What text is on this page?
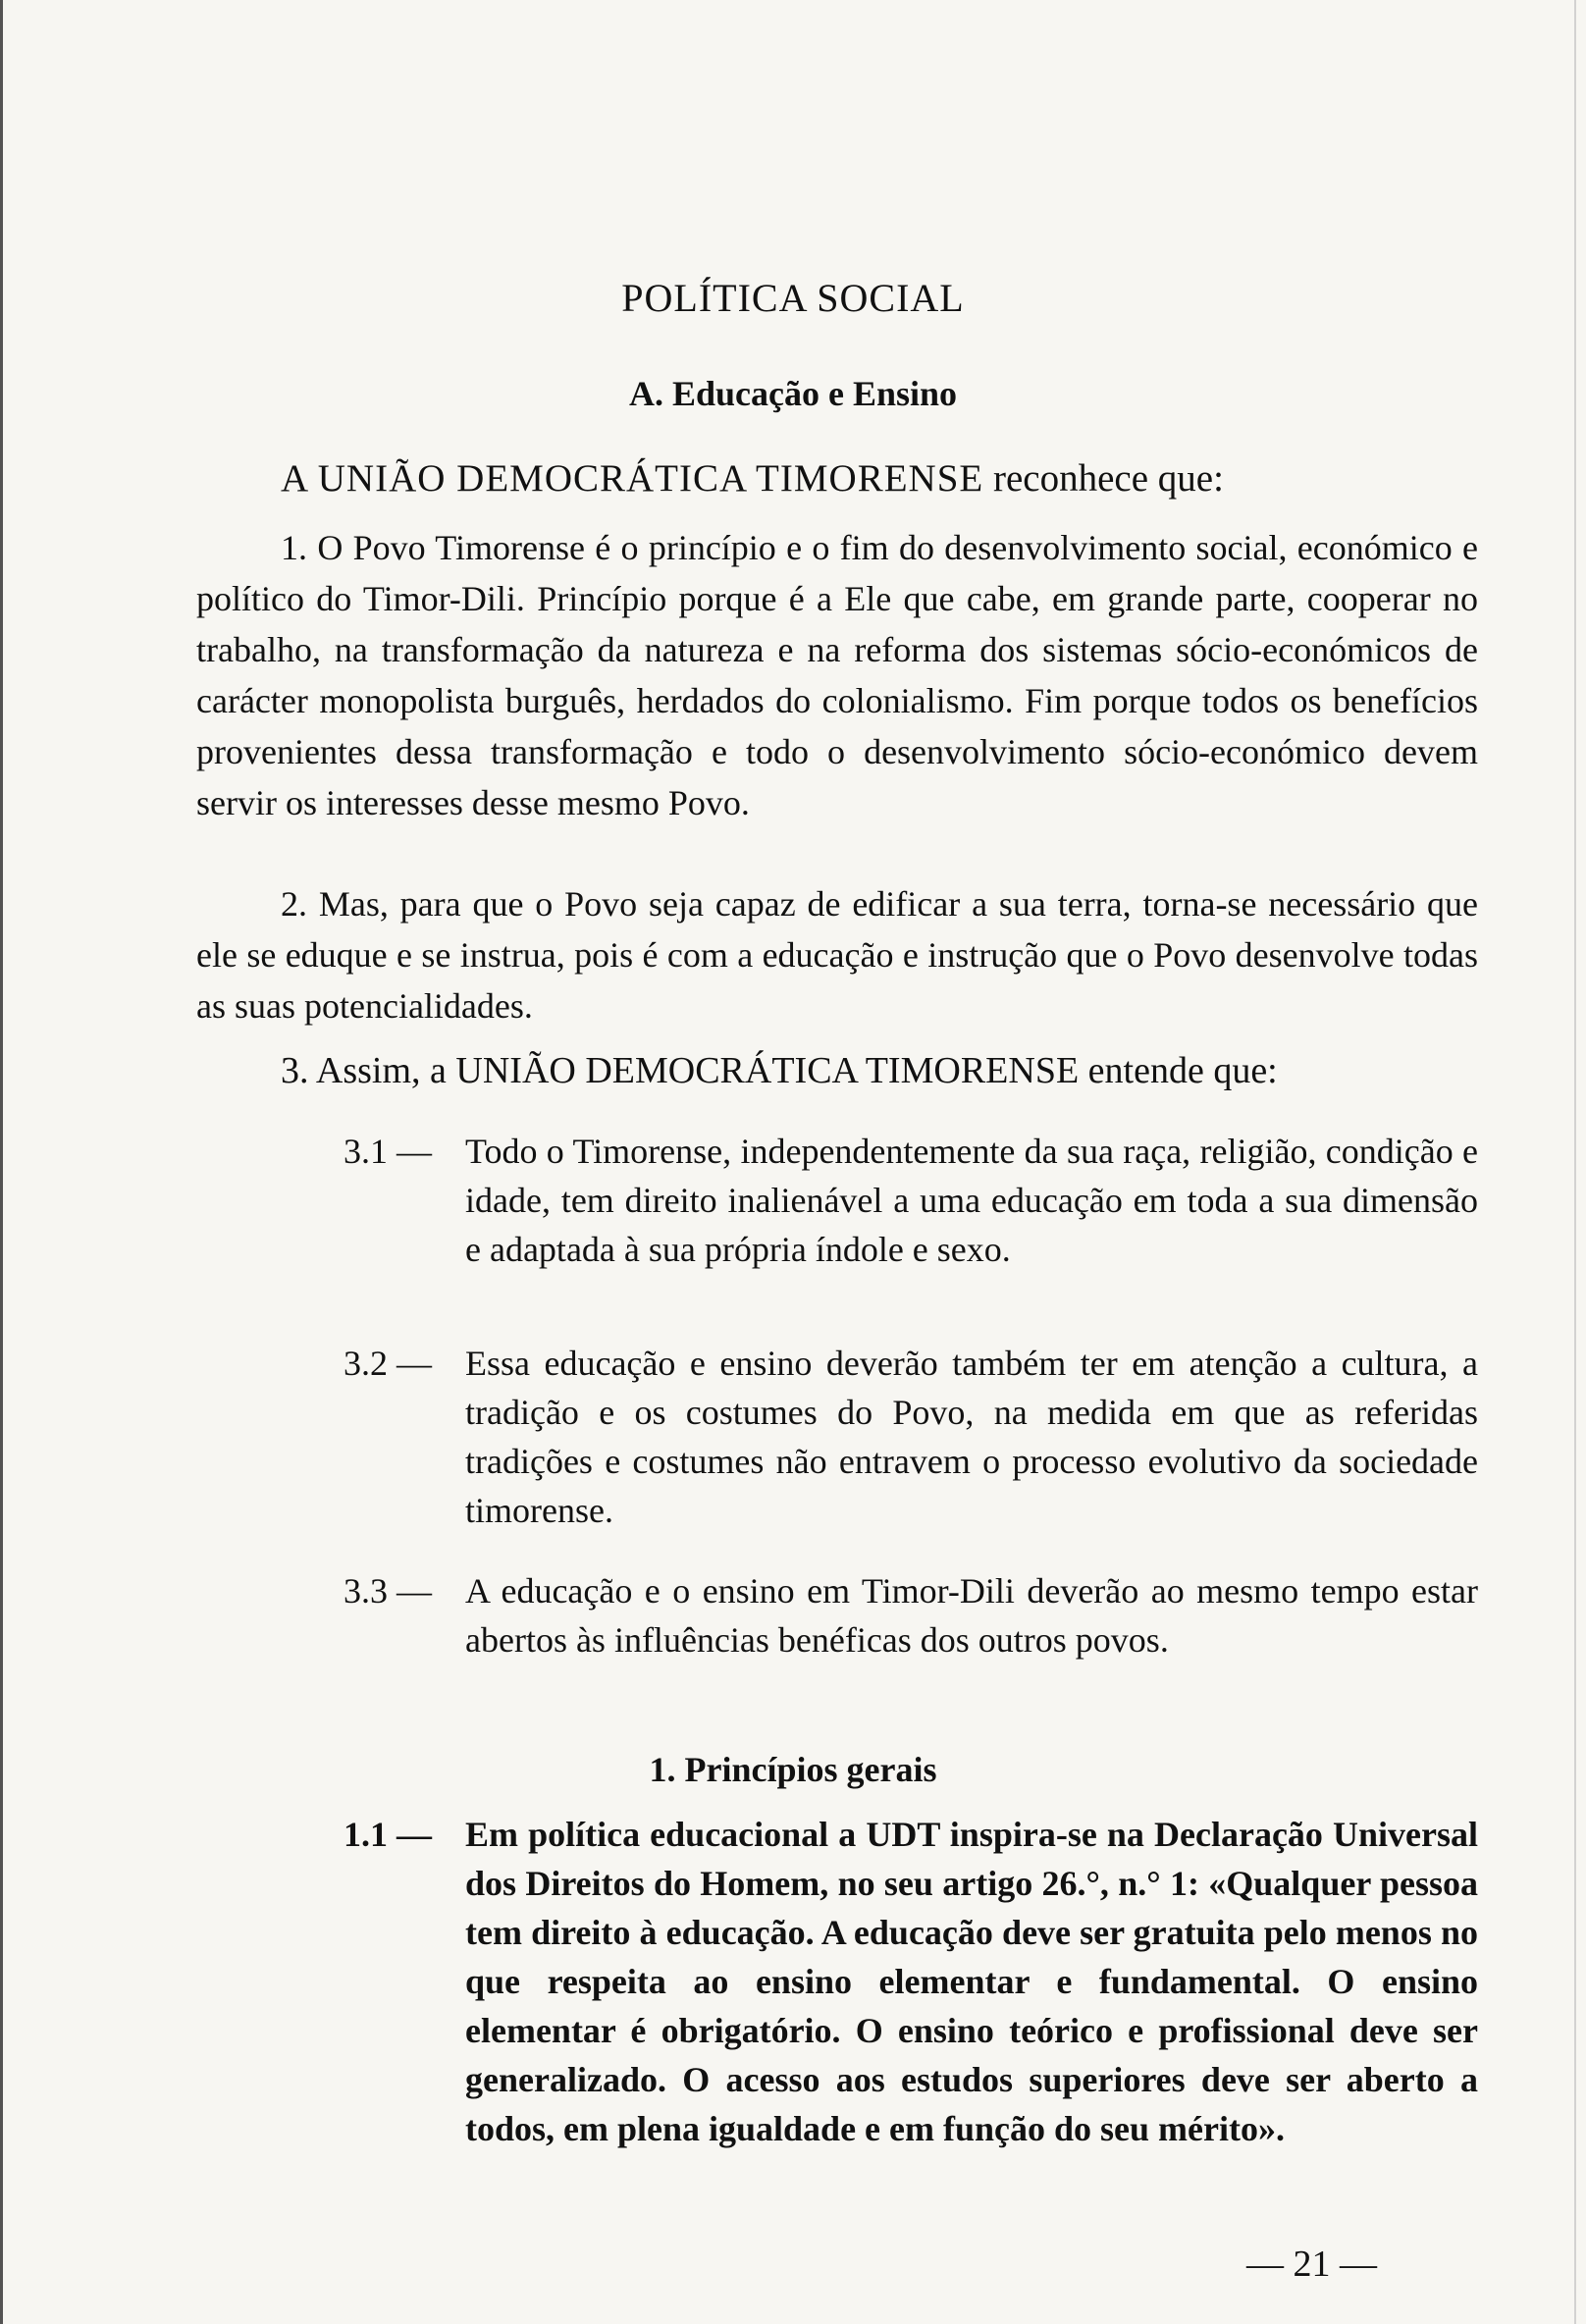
POLÍTICA SOCIAL
A. Educação e Ensino
A UNIÃO DEMOCRÁTICA TIMORENSE reconhece que:
1. O Povo Timorense é o princípio e o fim do desenvolvimento social, económico e político do Timor-Dili. Princípio porque é a Ele que cabe, em grande parte, cooperar no trabalho, na transformação da natureza e na reforma dos sistemas sócio-económicos de carácter monopolista burguês, herdados do colonialismo. Fim porque todos os benefícios provenientes dessa transformação e todo o desenvolvimento sócio-económico devem servir os interesses desse mesmo Povo.
2. Mas, para que o Povo seja capaz de edificar a sua terra, torna-se necessário que ele se eduque e se instrua, pois é com a educação e instrução que o Povo desenvolve todas as suas potencialidades.
3. Assim, a UNIÃO DEMOCRÁTICA TIMORENSE entende que:
3.1 — Todo o Timorense, independentemente da sua raça, religião, condição e idade, tem direito inalienável a uma educação em toda a sua dimensão e adaptada à sua própria índole e sexo.
3.2 — Essa educação e ensino deverão também ter em atenção a cultura, a tradição e os costumes do Povo, na medida em que as referidas tradições e costumes não entravem o processo evolutivo da sociedade timorense.
3.3 — A educação e o ensino em Timor-Dili deverão ao mesmo tempo estar abertos às influências benéficas dos outros povos.
1. Princípios gerais
1.1 — Em política educacional a UDT inspira-se na Declaração Universal dos Direitos do Homem, no seu artigo 26.°, n.° 1: «Qualquer pessoa tem direito à educação. A educação deve ser gratuita pelo menos no que respeita ao ensino elementar e fundamental. O ensino elementar é obrigatório. O ensino teórico e profissional deve ser generalizado. O acesso aos estudos superiores deve ser aberto a todos, em plena igualdade e em função do seu mérito».
— 21 —
